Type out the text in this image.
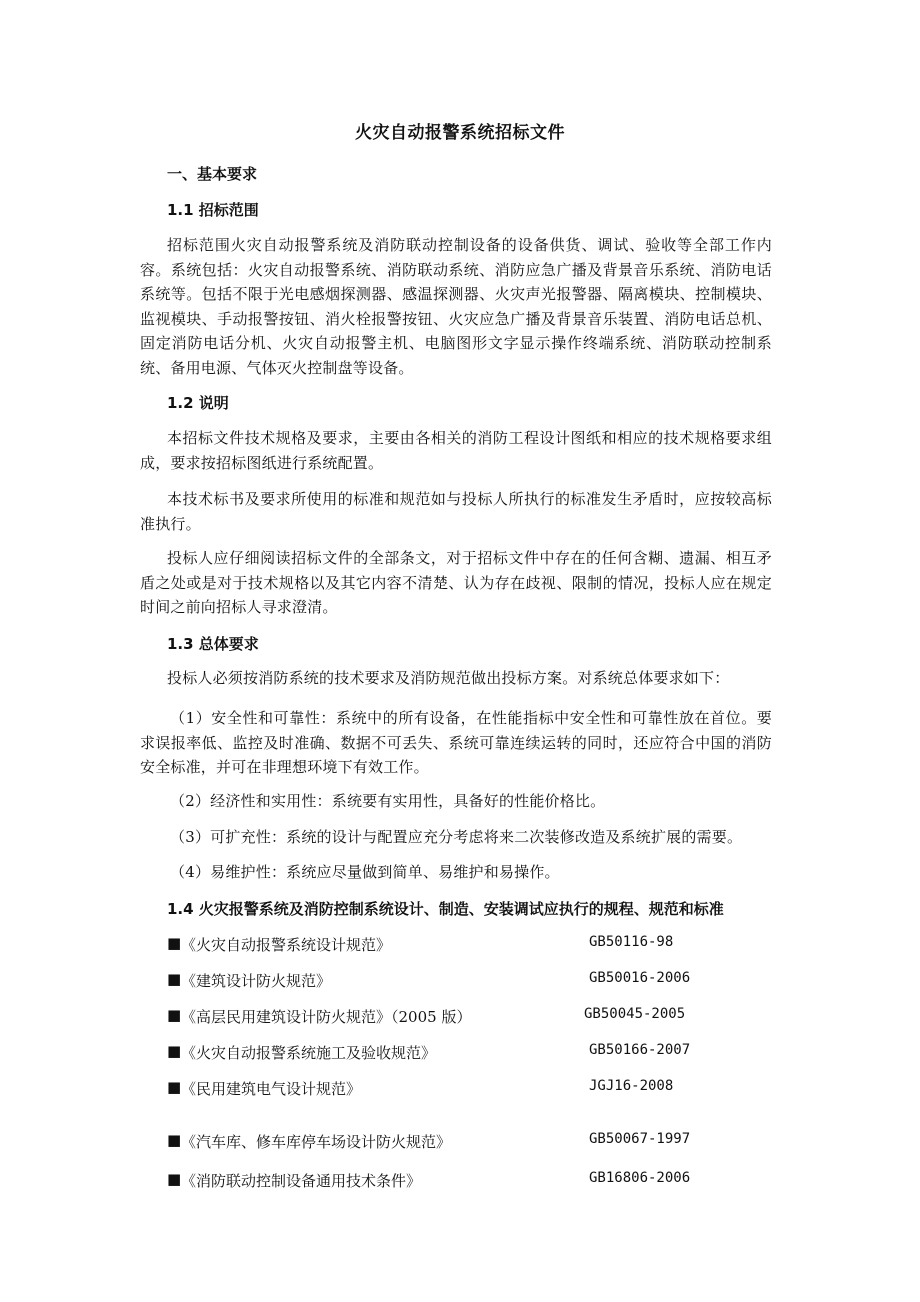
火灾自动报警系统招标文件
一、基本要求
1.1 招标范围
招标范围火灾自动报警系统及消防联动控制设备的设备供货、调试、验收等全部工作内容。系统包括：火灾自动报警系统、消防联动系统、消防应急广播及背景音乐系统、消防电话系统等。包括不限于光电感烟探测器、感温探测器、火灾声光报警器、隔离模块、控制模块、监视模块、手动报警按钮、消火栓报警按钮、火灾应急广播及背景音乐装置、消防电话总机、固定消防电话分机、火灾自动报警主机、电脑图形文字显示操作终端系统、消防联动控制系统、备用电源、气体灭火控制盘等设备。
1.2 说明
本招标文件技术规格及要求，主要由各相关的消防工程设计图纸和相应的技术规格要求组成，要求按招标图纸进行系统配置。
本技术标书及要求所使用的标准和规范如与投标人所执行的标准发生矛盾时，应按较高标准执行。
投标人应仔细阅读招标文件的全部条文，对于招标文件中存在的任何含糊、遗漏、相互矛盾之处或是对于技术规格以及其它内容不清楚、认为存在歧视、限制的情况，投标人应在规定时间之前向招标人寻求澄清。
1.3 总体要求
投标人必须按消防系统的技术要求及消防规范做出投标方案。对系统总体要求如下：
（1）安全性和可靠性：系统中的所有设备，在性能指标中安全性和可靠性放在首位。要求误报率低、监控及时准确、数据不可丢失、系统可靠连续运转的同时，还应符合中国的消防安全标准，并可在非理想环境下有效工作。
（2）经济性和实用性：系统要有实用性，具备好的性能价格比。
（3）可扩充性：系统的设计与配置应充分考虑将来二次装修改造及系统扩展的需要。
（4）易维护性：系统应尽量做到简单、易维护和易操作。
1.4 火灾报警系统及消防控制系统设计、制造、安装调试应执行的规程、规范和标准
■ 《火灾自动报警系统设计规范》	GB50116-98
■ 《建筑设计防火规范》	GB50016-2006
■ 《高层民用建筑设计防火规范》（2005 版）	GB50045-2005
■ 《火灾自动报警系统施工及验收规范》	GB50166-2007
■ 《民用建筑电气设计规范》	JGJ16-2008
■ 《汽车库、修车库停车场设计防火规范》	GB50067-1997
■ 《消防联动控制设备通用技术条件》	GB16806-2006
